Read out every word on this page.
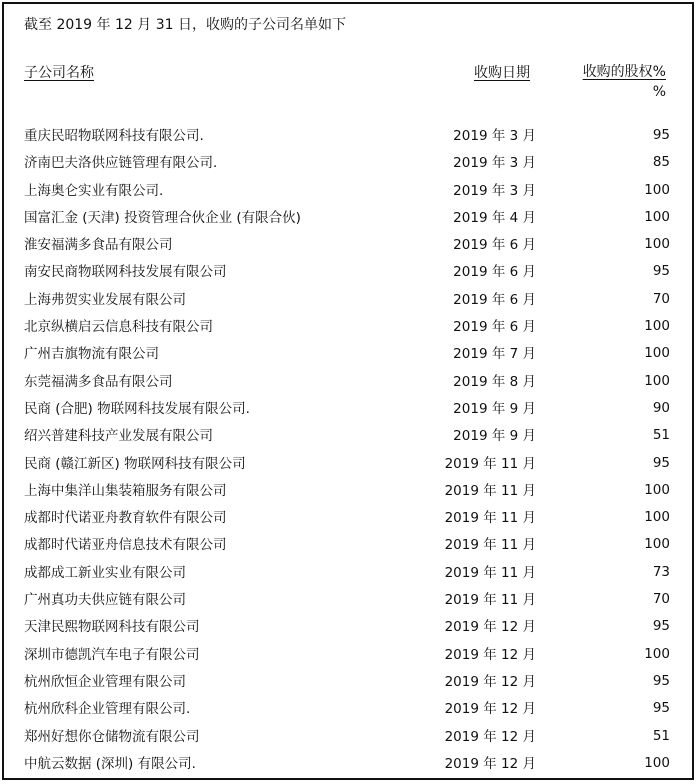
截至 2019 年 12 月 31 日，收购的子公司名单如下
子公司名称	收购日期	收购的股权%
%
重庆民昭物联网科技有限公司.	2019 年 3 月	95
济南巴夫洛供应链管理有限公司.	2019 年 3 月	85
上海奥仑实业有限公司.	2019 年 3 月	100
国富汇金 (天津) 投资管理合伙企业 (有限合伙)	2019 年 4 月	100
淮安福满多食品有限公司	2019 年 6 月	100
南安民商物联网科技发展有限公司	2019 年 6 月	95
上海弗贺实业发展有限公司	2019 年 6 月	70
北京纵横启云信息科技有限公司	2019 年 6 月	100
广州吉旗物流有限公司	2019 年 7 月	100
东莞福满多食品有限公司	2019 年 8 月	100
民商 (合肥) 物联网科技发展有限公司.	2019 年 9 月	90
绍兴普建科技产业发展有限公司	2019 年 9 月	51
民商 (赣江新区) 物联网科技有限公司	2019 年 11 月	95
上海中集洋山集装箱服务有限公司	2019 年 11 月	100
成都时代诺亚舟教育软件有限公司	2019 年 11 月	100
成都时代诺亚舟信息技术有限公司	2019 年 11 月	100
成都成工新业实业有限公司	2019 年 11 月	73
广州真功夫供应链有限公司	2019 年 11 月	70
天津民熙物联网科技有限公司	2019 年 12 月	95
深圳市德凯汽车电子有限公司	2019 年 12 月	100
杭州欣恒企业管理有限公司	2019 年 12 月	95
杭州欣科企业管理有限公司.	2019 年 12 月	95
郑州好想你仓储物流有限公司	2019 年 12 月	51
中航云数据 (深圳) 有限公司.	2019 年 12 月	100
